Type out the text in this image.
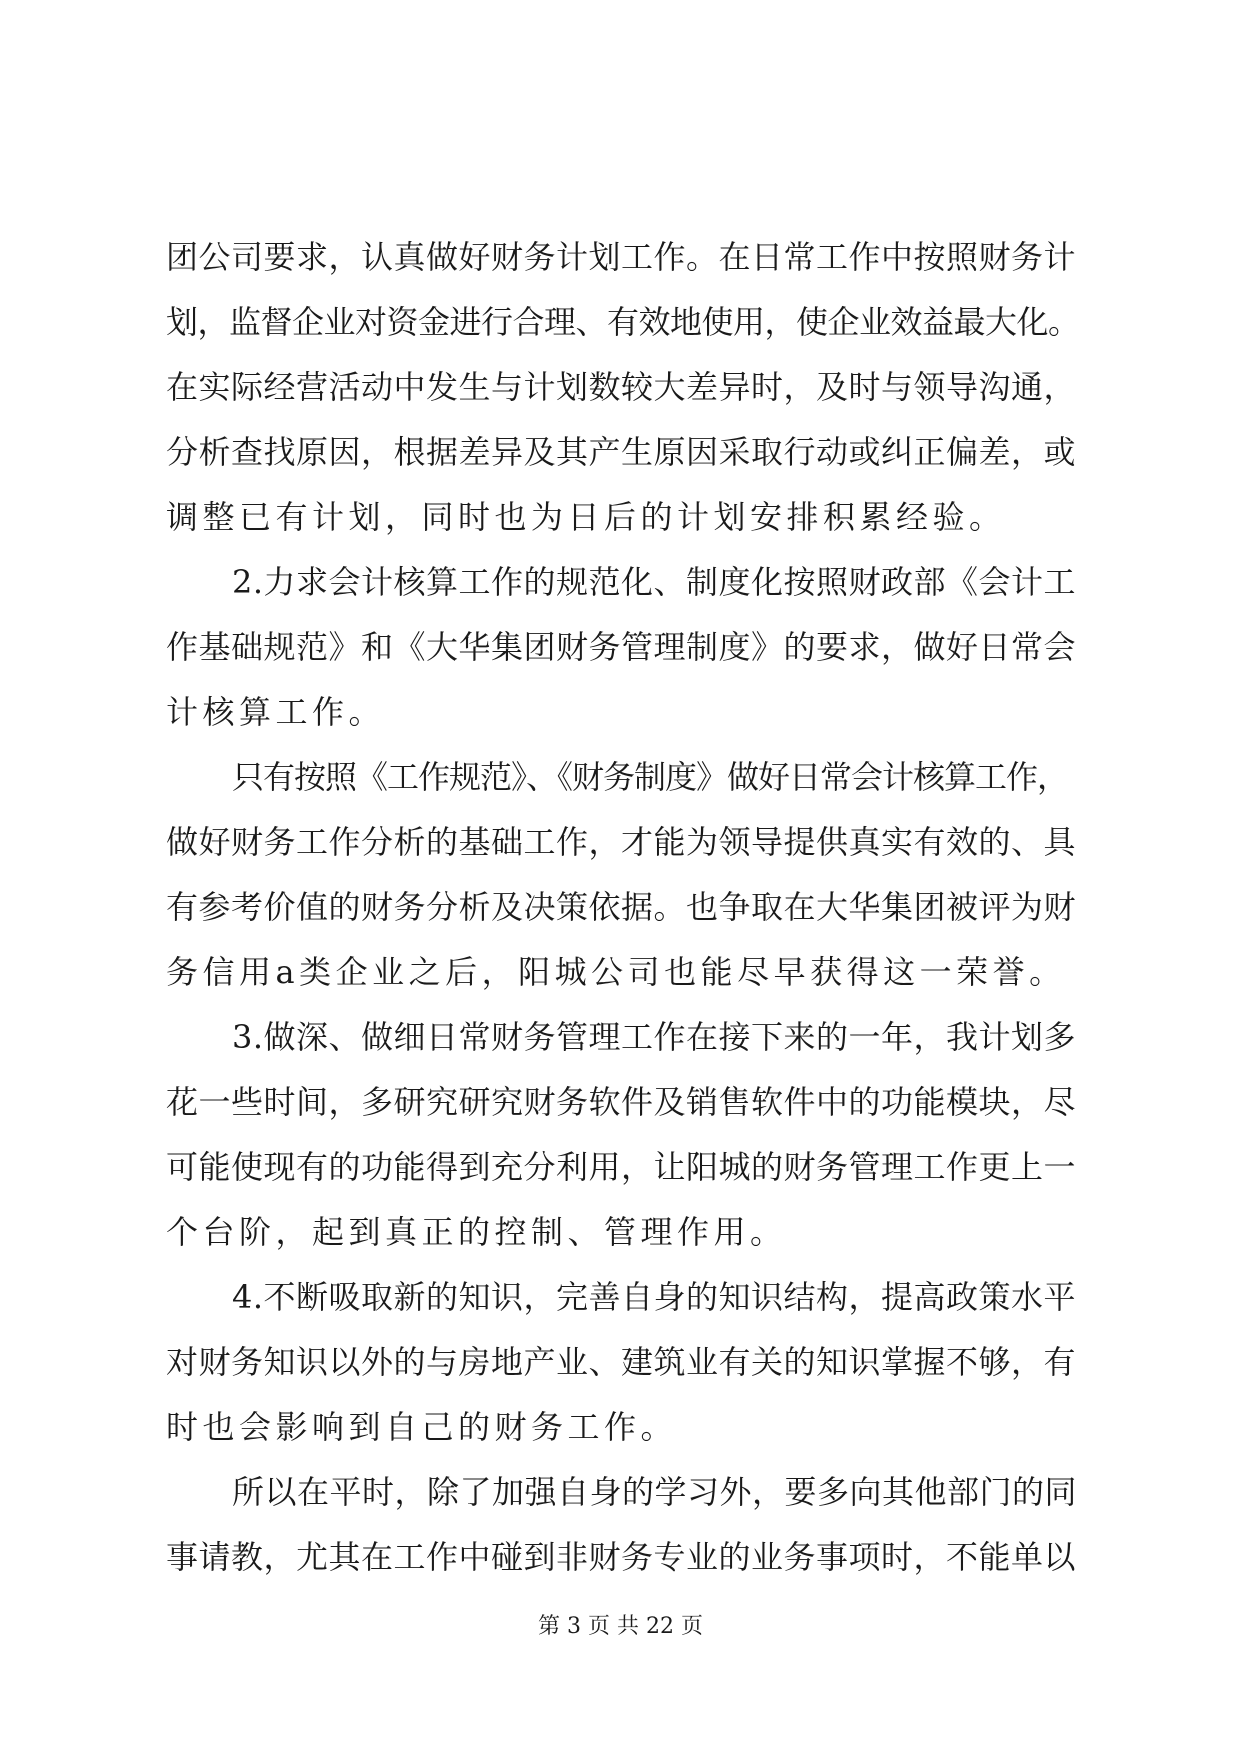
团公司要求，认真做好财务计划工作。在日常工作中按照财务计
划，监督企业对资金进行合理、有效地使用，使企业效益最大化。
在实际经营活动中发生与计划数较大差异时，及时与领导沟通，
分析查找原因，根据差异及其产生原因采取行动或纠正偏差，或
调整已有计划，同时也为日后的计划安排积累经验。
2.力求会计核算工作的规范化、制度化按照财政部《会计工
作基础规范》和《大华集团财务管理制度》的要求，做好日常会
计核算工作。
只有按照《工作规范》、《财务制度》做好日常会计核算工作，
做好财务工作分析的基础工作，才能为领导提供真实有效的、具
有参考价值的财务分析及决策依据。也争取在大华集团被评为财
务信用a类企业之后，阳城公司也能尽早获得这一荣誉。
3.做深、做细日常财务管理工作在接下来的一年，我计划多
花一些时间，多研究研究财务软件及销售软件中的功能模块，尽
可能使现有的功能得到充分利用，让阳城的财务管理工作更上一
个台阶，起到真正的控制、管理作用。
4.不断吸取新的知识，完善自身的知识结构，提高政策水平
对财务知识以外的与房地产业、建筑业有关的知识掌握不够，有
时也会影响到自己的财务工作。
所以在平时，除了加强自身的学习外，要多向其他部门的同
事请教，尤其在工作中碰到非财务专业的业务事项时，不能单以
第 3 页 共 22 页
